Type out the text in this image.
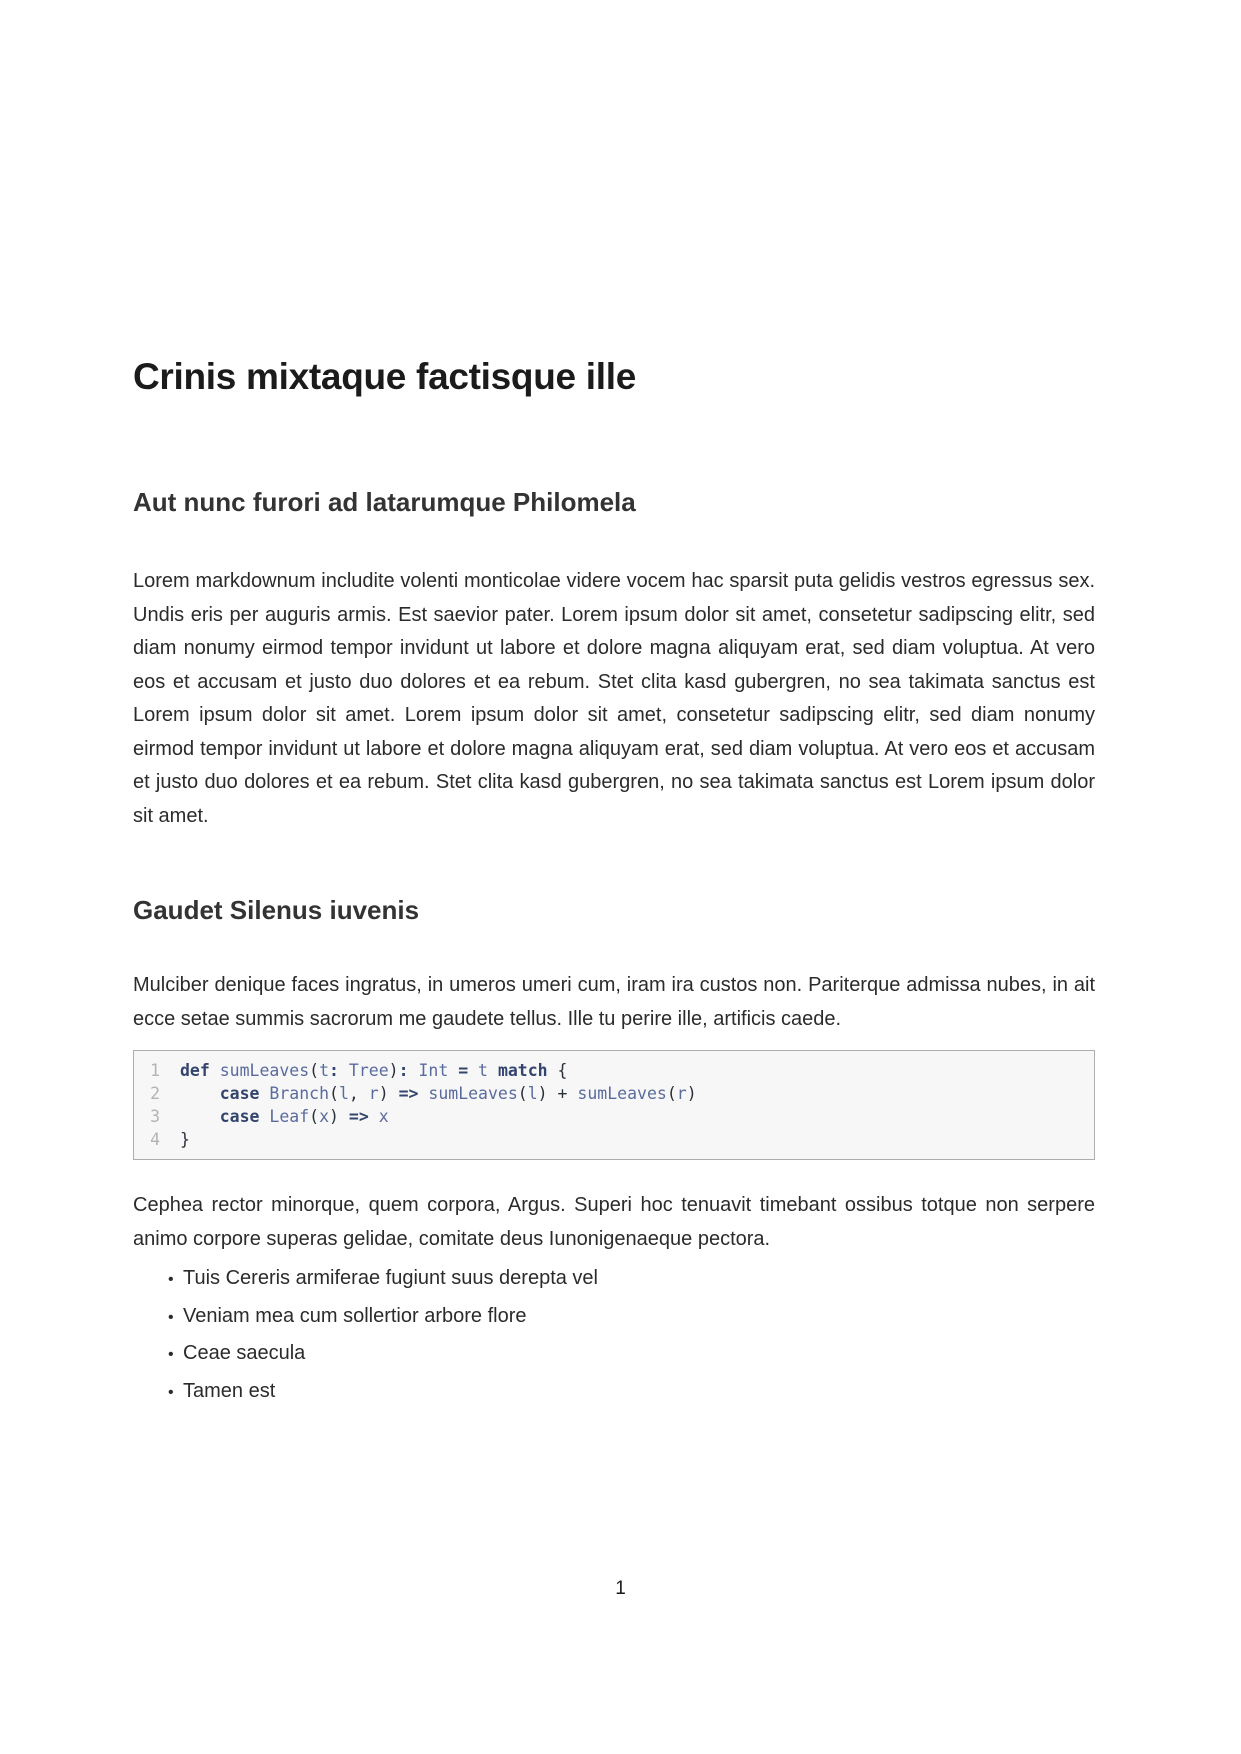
Crinis mixtaque factisque ille
Aut nunc furori ad latarumque Philomela

Lorem markdownum includite volenti monticolae videre vocem hac sparsit puta gelidis vestros egressus sex. Undis eris per auguris armis. Est saevior pater. Lorem ipsum dolor sit amet, consetetur sadipscing elitr, sed diam nonumy eirmod tempor invidunt ut labore et dolore magna aliquyam erat, sed diam voluptua. At vero eos et accusam et justo duo dolores et ea rebum. Stet clita kasd gubergren, no sea takimata sanctus est Lorem ipsum dolor sit amet. Lorem ipsum dolor sit amet, consetetur sadipscing elitr, sed diam nonumy eirmod tempor invidunt ut labore et dolore magna aliquyam erat, sed diam voluptua. At vero eos et accusam et justo duo dolores et ea rebum. Stet clita kasd gubergren, no sea takimata sanctus est Lorem ipsum dolor sit amet.

Gaudet Silenus iuvenis

Mulciber denique faces ingratus, in umeros umeri cum, iram ira custos non. Pariterque admissa nubes, in ait ecce setae summis sacrorum me gaudete tellus. Ille tu perire ille, artificis caede.

1 def sumLeaves(t: Tree): Int = t match {
2    case Branch(l, r) => sumLeaves(l) + sumLeaves(r)
3    case Leaf(x) => x
4 }

Cephea rector minorque, quem corpora, Argus. Superi hoc tenuavit timebant ossibus totque non serpere animo corpore superas gelidae, comitate deus Iunonigenaeque pectora.

• Tuis Cereris armiferae fugiunt suus derepta vel
• Veniam mea cum sollertior arbore flore
• Ceae saecula
• Tamen est
1
